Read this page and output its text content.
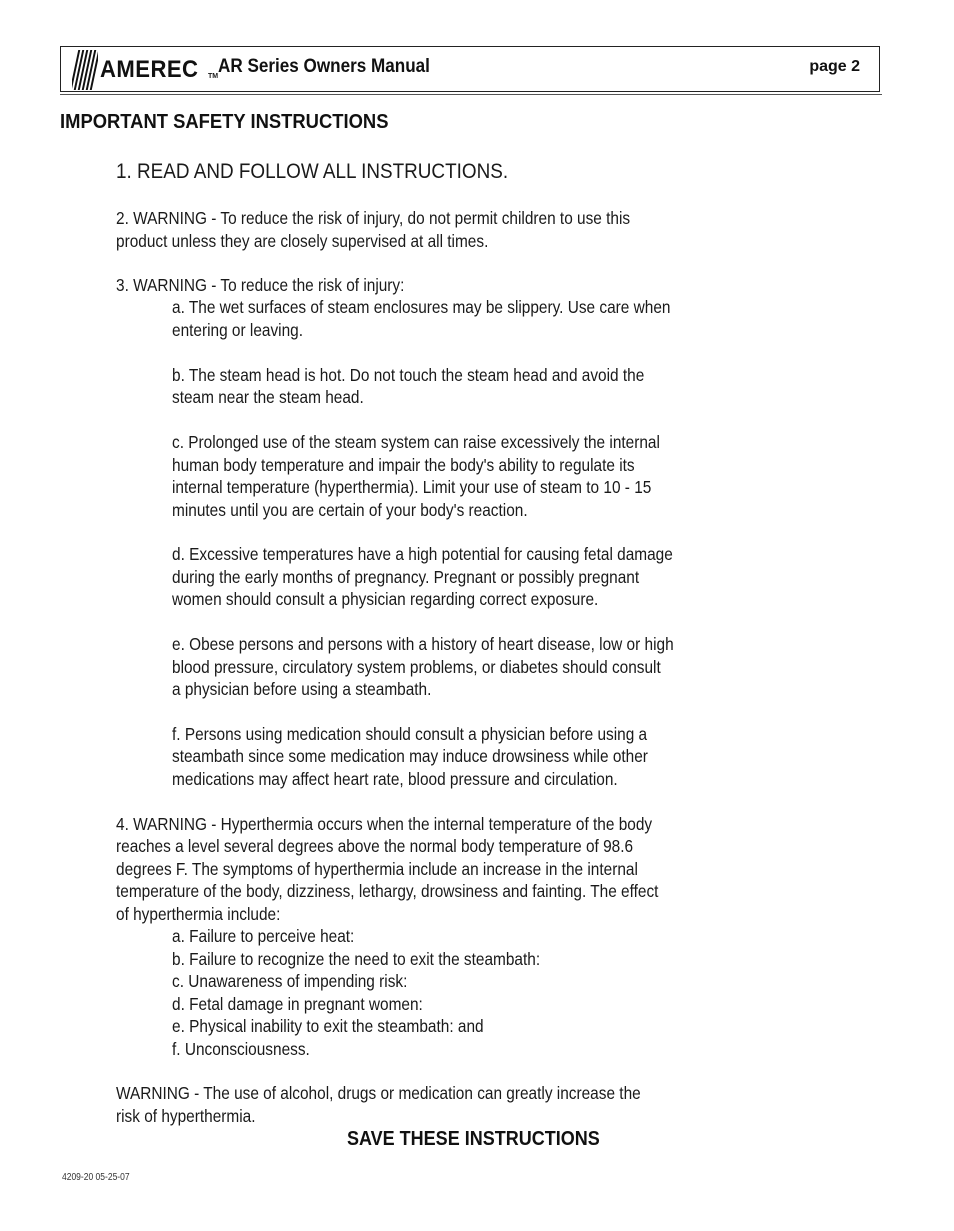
AMEREC TM AR Series Owners Manual	page 2
IMPORTANT SAFETY INSTRUCTIONS
1. READ AND FOLLOW ALL INSTRUCTIONS.
2. WARNING - To reduce the risk of injury, do not permit children to use this
product unless they are closely supervised at all times.
3. WARNING - To reduce the risk of injury:
a. The wet surfaces of steam enclosures may be slippery. Use care when
entering or leaving.
b. The steam head is hot. Do not touch the steam head and avoid the
steam near the steam head.
c. Prolonged use of the steam system can raise excessively the internal
human body temperature and impair the body's ability to regulate its
internal temperature (hyperthermia). Limit your use of steam to 10 - 15
minutes until you are certain of your body's reaction.
d. Excessive temperatures have a high potential for causing fetal damage
during the early months of pregnancy. Pregnant or possibly pregnant
women should consult a physician regarding correct exposure.
e. Obese persons and persons with a history of heart disease, low or high
blood pressure, circulatory system problems, or diabetes should consult
a physician before using a steambath.
f. Persons using medication should consult a physician before using a
steambath since some medication may induce drowsiness while other
medications may affect heart rate, blood pressure and circulation.
4. WARNING - Hyperthermia occurs when the internal temperature of the body
reaches a level several degrees above the normal body temperature of 98.6
degrees F. The symptoms of hyperthermia include an increase in the internal
temperature of the body, dizziness, lethargy, drowsiness and fainting. The effect
of hyperthermia include:
a. Failure to perceive heat:
b. Failure to recognize the need to exit the steambath:
c. Unawareness of impending risk:
d. Fetal damage in pregnant women:
e. Physical inability to exit the steambath: and
f. Unconsciousness.
WARNING - The use of alcohol, drugs or medication can greatly increase the
risk of hyperthermia.
SAVE THESE INSTRUCTIONS
4209-20 05-25-07
